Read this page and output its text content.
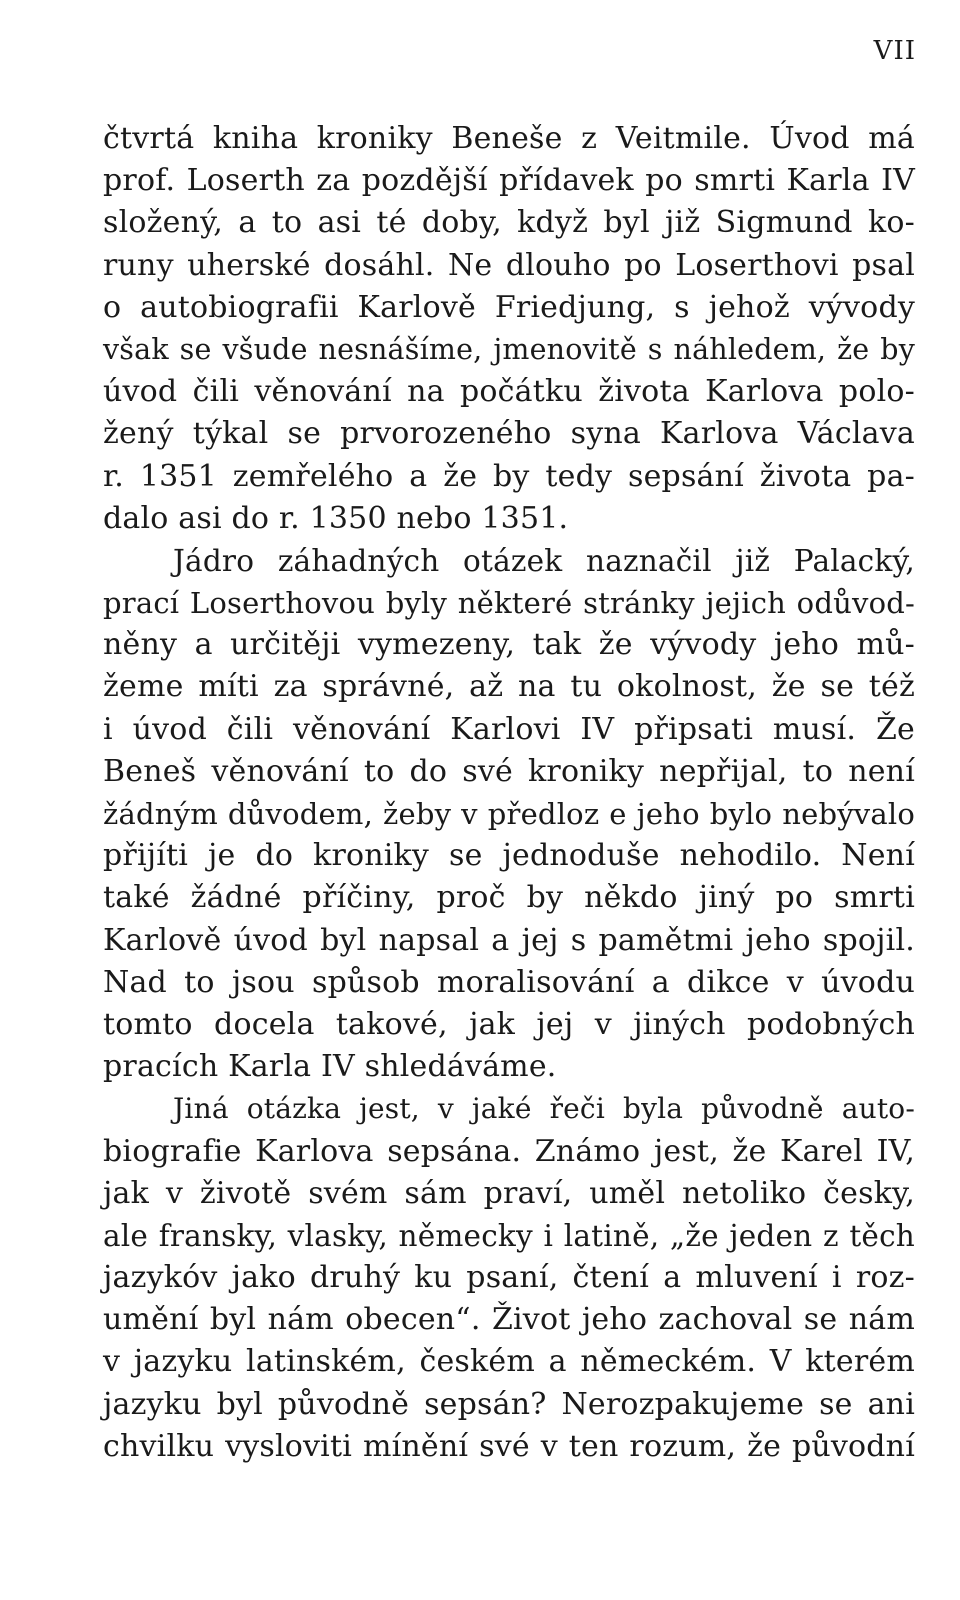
VII
čtvrtá kniha kroniky Beneše z Veitmile. Úvod má
prof. Loserth za pozdější přídavek po smrti Karla IV
složený, a to asi té doby, když byl již Sigmund ko-
runy uherské dosáhl. Ne dlouho po Loserthovi psal
o autobiografii Karlově Friedjung, s jehož vývody
však se všude nesnášíme, jmenovitě s náhledem, že by
úvod čili věnování na počátku života Karlova polo-
žený týkal se prvorozeného syna Karlova Václava
r. 1351 zemřelého a že by tedy sepsání života pa-
dalo asi do r. 1350 nebo 1351.
Jádro záhadných otázek naznačil již Palacký,
prací Loserthovou byly některé stránky jejich odůvod-
něny a určitěji vymezeny, tak že vývody jeho mů-
žeme míti za správné, až na tu okolnost, že se též
i úvod čili věnování Karlovi IV připsati musí. Že
Beneš věnování to do své kroniky nepřijal, to není
žádným důvodem, žeby v předloz e jeho bylo nebývalo
přijíti je do kroniky se jednoduše nehodilo. Není
také žádné příčiny, proč by někdo jiný po smrti
Karlově úvod byl napsal a jej s pamětmi jeho spojil.
Nad to jsou spůsob moralisování a dikce v úvodu
tomto docela takové, jak jej v jiných podobných
pracích Karla IV shledáváme.
Jiná otázka jest, v jaké řeči byla původně auto-
biografie Karlova sepsána. Známo jest, že Karel IV,
jak v životě svém sám praví, uměl netoliko česky,
ale fransky, vlasky, německy i latině, „že jeden z těch
jazykóv jako druhý ku psaní, čtení a mluvení i roz-
umění byl nám obecen“. Život jeho zachoval se nám
v jazyku latinském, českém a německém. V kterém
jazyku byl původně sepsán? Nerozpakujeme se ani
chvilku vysloviti mínění své v ten rozum, že původní
